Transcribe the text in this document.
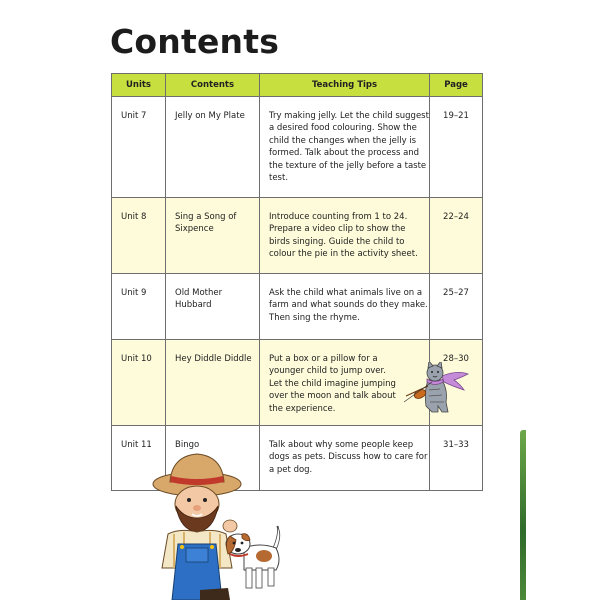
Contents
Units	Contents	Teaching Tips	Page
Unit 7	Jelly on My Plate	Try making jelly. Let the child suggest a desired food colouring. Show the child the changes when the jelly is formed. Talk about the process and the texture of the jelly before a taste test.	19–21
Unit 8	Sing a Song of Sixpence	Introduce counting from 1 to 24. Prepare a video clip to show the birds singing. Guide the child to colour the pie in the activity sheet.	22–24
Unit 9	Old Mother Hubbard	Ask the child what animals live on a farm and what sounds do they make. Then sing the rhyme.	25–27
Unit 10	Hey Diddle Diddle	Put a box or a pillow for a younger child to jump over. Let the child imagine jumping over the moon and talk about the experience.	28–30
Unit 11	Bingo	Talk about why some people keep dogs as pets. Discuss how to care for a pet dog.	31–33
